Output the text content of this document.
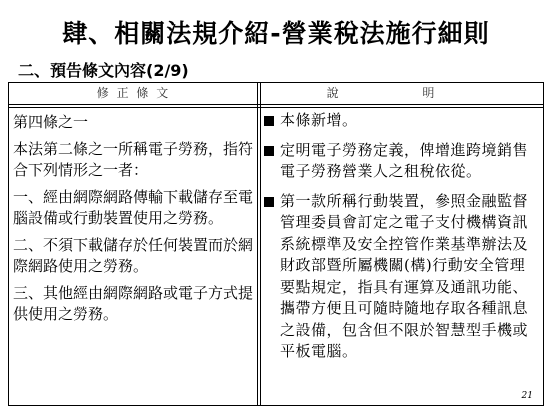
肆、相關法規介紹-營業稅法施行細則
二、預告條文內容(2/9)
修 正 條 文	說 明

第四條之一

本法第二條之一所稱電子勞務，指符合下列情形之一者：

一、經由網際網路傳輸下載儲存至電腦設備或行動裝置使用之勞務。

二、不須下載儲存於任何裝置而於網際網路使用之勞務。

三、其他經由網際網路或電子方式提供使用之勞務。

本條新增。
定明電子勞務定義，俾增進跨境銷售電子勞務營業人之租稅依從。
第一款所稱行動裝置，參照金融監督管理委員會訂定之電子支付機構資訊系統標準及安全控管作業基準辦法及財政部暨所屬機關(構)行動安全管理要點規定，指具有運算及通訊功能、攜帶方便且可隨時隨地存取各種訊息之設備，包含但不限於智慧型手機或平板電腦。
21
